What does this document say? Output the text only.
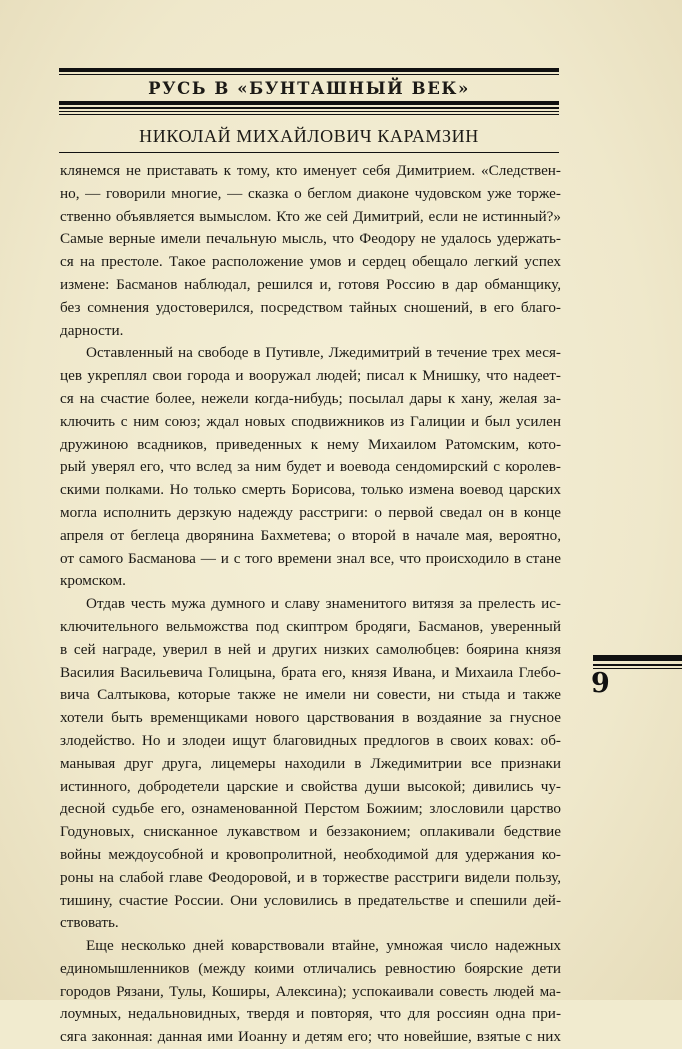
РУСЬ В «БУНТАШНЫЙ ВЕК»
НИКОЛАЙ МИХАЙЛОВИЧ КАРАМЗИН
клянемся не приставать к тому, кто именует себя Димитрием. «Следствен-
но, — говорили многие, — сказка о беглом диаконе чудовском уже торже-
ственно объявляется вымыслом. Кто же сей Димитрий, если не истинный?»
Самые верные имели печальную мысль, что Феодору не удалось удержать-
ся на престоле. Такое расположение умов и сердец обещало легкий успех
измене: Басманов наблюдал, решился и, готовя Россию в дар обманщику,
без сомнения удостоверился, посредством тайных сношений, в его благо-
дарности.
Оставленный на свободе в Путивле, Лжедимитрий в течение трех меся-
цев укреплял свои города и вооружал людей; писал к Мнишку, что надеет-
ся на счастие более, нежели когда-нибудь; посылал дары к хану, желая за-
ключить с ним союз; ждал новых сподвижников из Галиции и был усилен
дружиною всадников, приведенных к нему Михаилом Ратомским, кото-
рый уверял его, что вслед за ним будет и воевода сендомирский с королев-
скими полками. Но только смерть Борисова, только измена воевод царских
могла исполнить дерзкую надежду расстриги: о первой сведал он в конце
апреля от беглеца дворянина Бахметева; о второй в начале мая, вероятно,
от самого Басманова — и с того времени знал все, что происходило в стане
кромском.
Отдав честь мужа думного и славу знаменитого витязя за прелесть ис-
ключительного вельможства под скиптром бродяги, Басманов, уверенный
в сей награде, уверил в ней и других низких самолюбцев: боярина князя
Василия Васильевича Голицына, брата его, князя Ивана, и Михаила Глебо-
вича Салтыкова, которые также не имели ни совести, ни стыда и также
хотели быть временщиками нового царствования в воздаяние за гнусное
злодейство. Но и злодеи ищут благовидных предлогов в своих ковах: об-
манывая друг друга, лицемеры находили в Лжедимитрии все признаки
истинного, добродетели царские и свойства души высокой; дивились чу-
десной судьбе его, ознаменованной Перстом Божиим; злословили царство
Годуновых, снисканное лукавством и беззаконием; оплакивали бедствие
войны междоусобной и кровопролитной, необходимой для удержания ко-
роны на слабой главе Феодоровой, и в торжестве расстриги видели пользу,
тишину, счастие России. Они условились в предательстве и спешили дей-
ствовать.
Еще несколько дней коварствовали втайне, умножая число надежных
единомышленников (между коими отличались ревностию боярские дети
городов Рязани, Тулы, Коширы, Алексина); успокаивали совесть людей ма-
лоумных, недальновидных, твердя и повторяя, что для россиян одна при-
сяга законная: данная ими Иоанну и детям его; что новейшие, взятые с них
9
